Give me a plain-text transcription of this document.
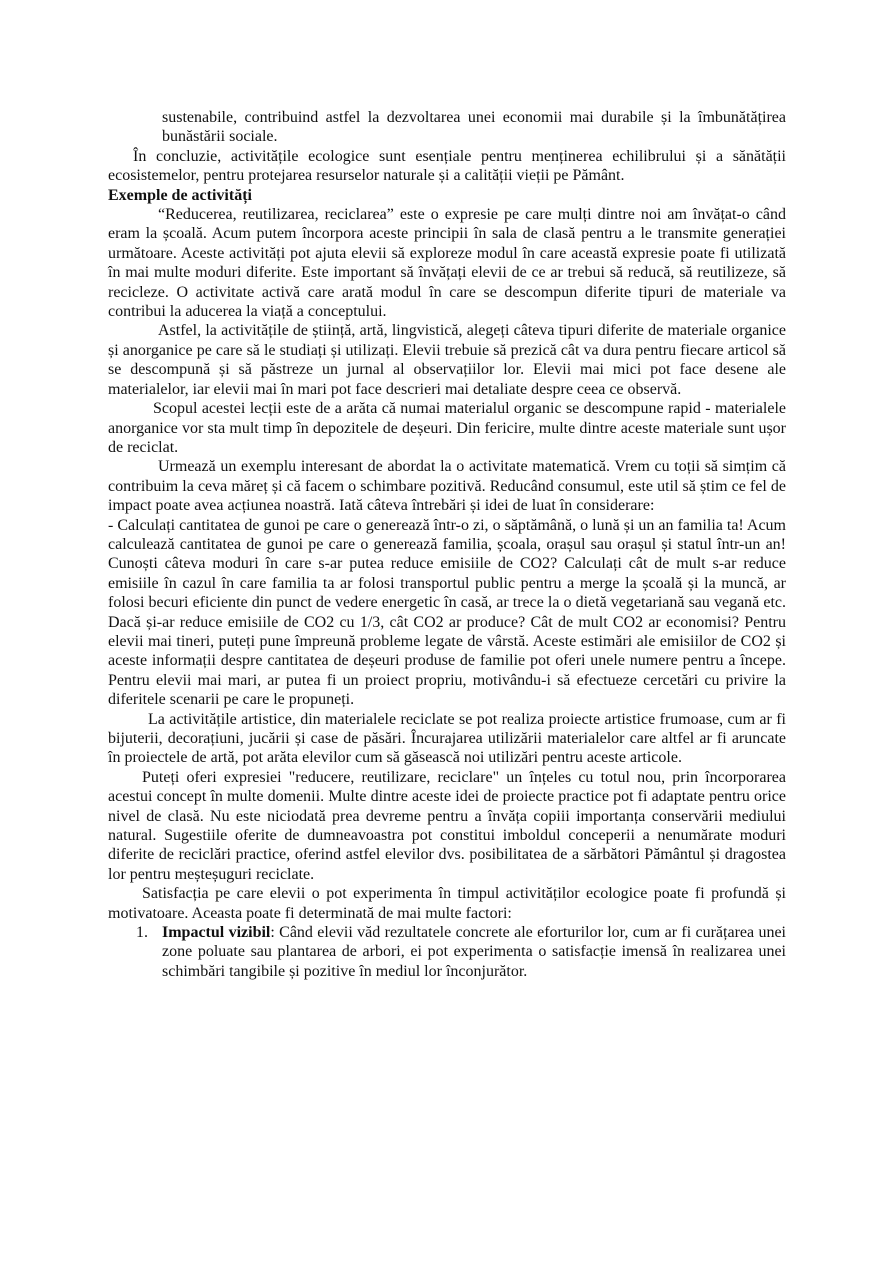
sustenabile, contribuind astfel la dezvoltarea unei economii mai durabile și la îmbunătățirea bunăstării sociale.

În concluzie, activitățile ecologice sunt esențiale pentru menținerea echilibrului și a sănătății ecosistemelor, pentru protejarea resurselor naturale și a calității vieții pe Pământ.

Exemple de activități

“Reducerea, reutilizarea, reciclarea” este o expresie pe care mulți dintre noi am învățat-o când eram la școală. Acum putem încorpora aceste principii în sala de clasă pentru a le transmite generației următoare. Aceste activități pot ajuta elevii să exploreze modul în care această expresie poate fi utilizată în mai multe moduri diferite. Este important să învățați elevii de ce ar trebui să reducă, să reutilizeze, să recicleze. O activitate activă care arată modul în care se descompun diferite tipuri de materiale va contribui la aducerea la viață a conceptului.

Astfel, la activitățile de știință, artă, lingvistică, alegeți câteva tipuri diferite de materiale organice și anorganice pe care să le studiați și utilizați. Elevii trebuie să prezică cât va dura pentru fiecare articol să se descompună și să păstreze un jurnal al observațiilor lor. Elevii mai mici pot face desene ale materialelor, iar elevii mai în mari pot face descrieri mai detaliate despre ceea ce observă.

Scopul acestei lecții este de a arăta că numai materialul organic se descompune rapid - materialele anorganice vor sta mult timp în depozitele de deșeuri. Din fericire, multe dintre aceste materiale sunt ușor de reciclat.

Urmează un exemplu interesant de abordat la o activitate matematică. Vrem cu toții să simțim că contribuim la ceva măreț și că facem o schimbare pozitivă. Reducând consumul, este util să știm ce fel de impact poate avea acțiunea noastră. Iată câteva întrebări și idei de luat în considerare:

- Calculați cantitatea de gunoi pe care o generează într-o zi, o săptămână, o lună și un an familia ta! Acum calculează cantitatea de gunoi pe care o generează familia, școala, orașul sau orașul și statul într-un an! Cunoști câteva moduri în care s-ar putea reduce emisiile de CO2? Calculați cât de mult s-ar reduce emisiile în cazul în care familia ta ar folosi transportul public pentru a merge la școală și la muncă, ar folosi becuri eficiente din punct de vedere energetic în casă, ar trece la o dietă vegetariană sau vegană etc. Dacă și-ar reduce emisiile de CO2 cu 1/3, cât CO2 ar produce? Cât de mult CO2 ar economisi? Pentru elevii mai tineri, puteți pune împreună probleme legate de vârstă. Aceste estimări ale emisiilor de CO2 și aceste informații despre cantitatea de deșeuri produse de familie pot oferi unele numere pentru a începe. Pentru elevii mai mari, ar putea fi un proiect propriu, motivându-i să efectueze cercetări cu privire la diferitele scenarii pe care le propuneți.

La activitățile artistice, din materialele reciclate se pot realiza proiecte artistice frumoase, cum ar fi bijuterii, decorațiuni, jucării și case de păsări. Încurajarea utilizării materialelor care altfel ar fi aruncate în proiectele de artă, pot arăta elevilor cum să găsească noi utilizări pentru aceste articole.

Puteți oferi expresiei "reducere, reutilizare, reciclare" un înțeles cu totul nou, prin încorporarea acestui concept în multe domenii. Multe dintre aceste idei de proiecte practice pot fi adaptate pentru orice nivel de clasă. Nu este niciodată prea devreme pentru a învăța copiii importanța conservării mediului natural. Sugestiile oferite de dumneavoastra pot constitui imboldul conceperii a nenumărate moduri diferite de reciclări practice, oferind astfel elevilor dvs. posibilitatea de a sărbători Pământul și dragostea lor pentru meșteșuguri reciclate.

Satisfacția pe care elevii o pot experimenta în timpul activităților ecologice poate fi profundă și motivatoare. Aceasta poate fi determinată de mai multe factori:

1. Impactul vizibil: Când elevii văd rezultatele concrete ale eforturilor lor, cum ar fi curățarea unei zone poluate sau plantarea de arbori, ei pot experimenta o satisfacție imensă în realizarea unei schimbări tangibile și pozitive în mediul lor înconjurător.
